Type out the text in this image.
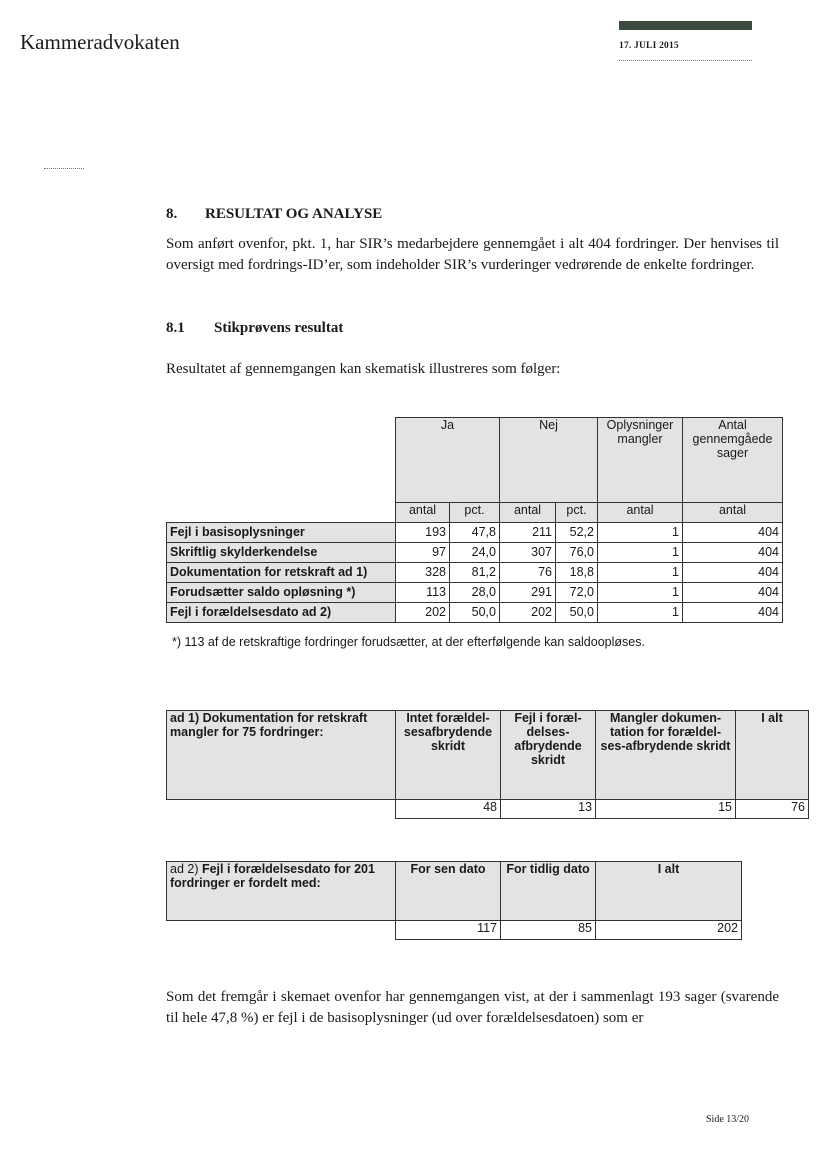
Kammeradvokaten	17. JULI 2015
8. RESULTAT OG ANALYSE
Som anført ovenfor, pkt. 1, har SIR’s medarbejdere gennemgået i alt 404 fordringer. Der henvises til oversigt med fordrings-ID’er, som indeholder SIR’s vurderinger vedrørende de enkelte fordringer.
8.1 Stikprøvens resultat
Resultatet af gennemgangen kan skematisk illustreres som følger:
	Ja		Nej		Oplysninger mangler	Antal gennemgåede sager
	antal	pct.	antal	pct.	antal	antal
Fejl i basisoplysninger	193	47,8	211	52,2	1	404
Skriftlig skylderkendelse	97	24,0	307	76,0	1	404
Dokumentation for retskraft ad 1)	328	81,2	76	18,8	1	404
Forudsætter saldo opløsning *)	113	28,0	291	72,0	1	404
Fejl i forældelsesdato ad 2)	202	50,0	202	50,0	1	404
*) 113 af de retskraftige fordringer forudsætter, at der efterfølgende kan saldoopløses.
ad 1) Dokumentation for retskraft mangler for 75 fordringer:	Intet forældel-sesafbrydende skridt	Fejl i foræl-delses-afbrydende skridt	Mangler dokumen-tation for forældel-ses-afbrydende skridt	I alt
	48	13	15	76
ad 2) Fejl i forældelsesdato for 201 fordringer er fordelt med:	For sen dato	For tidlig dato	I alt
	117	85	202
Som det fremgår i skemaet ovenfor har gennemgangen vist, at der i sammenlagt 193 sager (svarende til hele 47,8 %) er fejl i de basisoplysninger (ud over forældelsesdatoen) som er
Side 13/20
